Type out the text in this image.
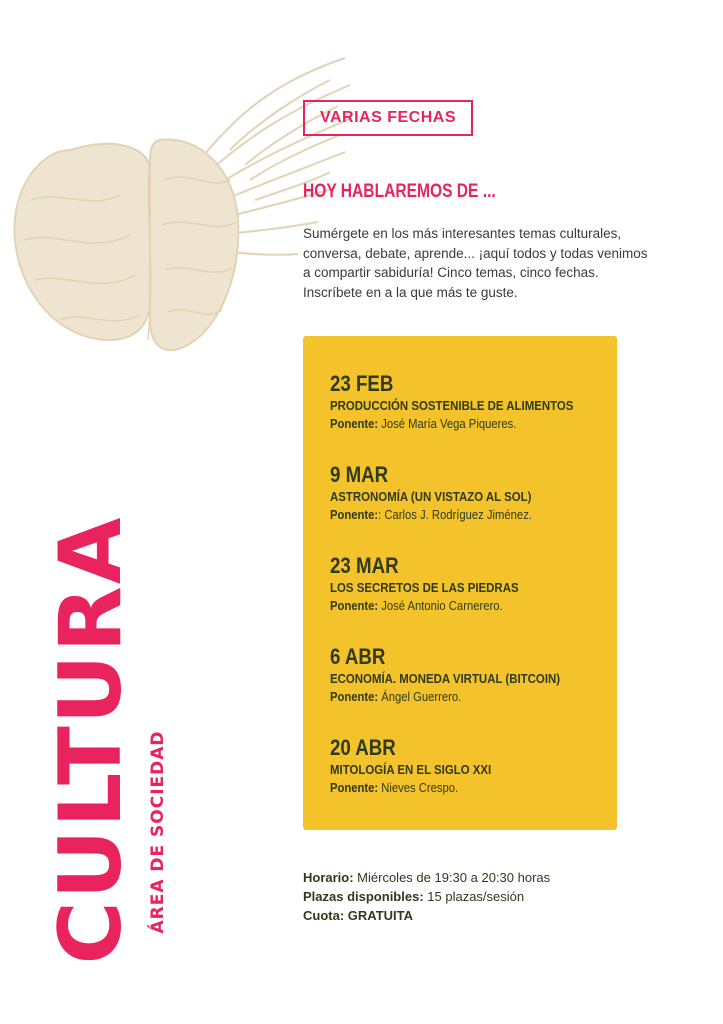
VARIAS FECHAS
HOY HABLAREMOS DE ...

Sumérgete en los más interesantes temas culturales,
conversa, debate, aprende... ¡aquí todos y todas venimos
a compartir sabiduría! Cinco temas, cinco fechas.
Inscríbete en a la que más te guste.

23 FEB
PRODUCCIÓN SOSTENIBLE DE ALIMENTOS
Ponente: José María Vega Piqueres.
9 MAR
ASTRONOMÍA (UN VISTAZO AL SOL)
Ponente:: Carlos J. Rodríguez Jiménez.
23 MAR
LOS SECRETOS DE LAS PIEDRAS
Ponente: José Antonio Carnerero.
6 ABR
ECONOMÍA. MONEDA VIRTUAL (BITCOIN)
Ponente: Ángel Guerrero.
20 ABR
MITOLOGÍA EN EL SIGLO XXI
Ponente: Nieves Crespo.
Horario: Miércoles de 19:30 a 20:30 horas
Plazas disponibles: 15 plazas/sesión
Cuota: GRATUITA
CULTURA ÁREA DE SOCIEDAD
